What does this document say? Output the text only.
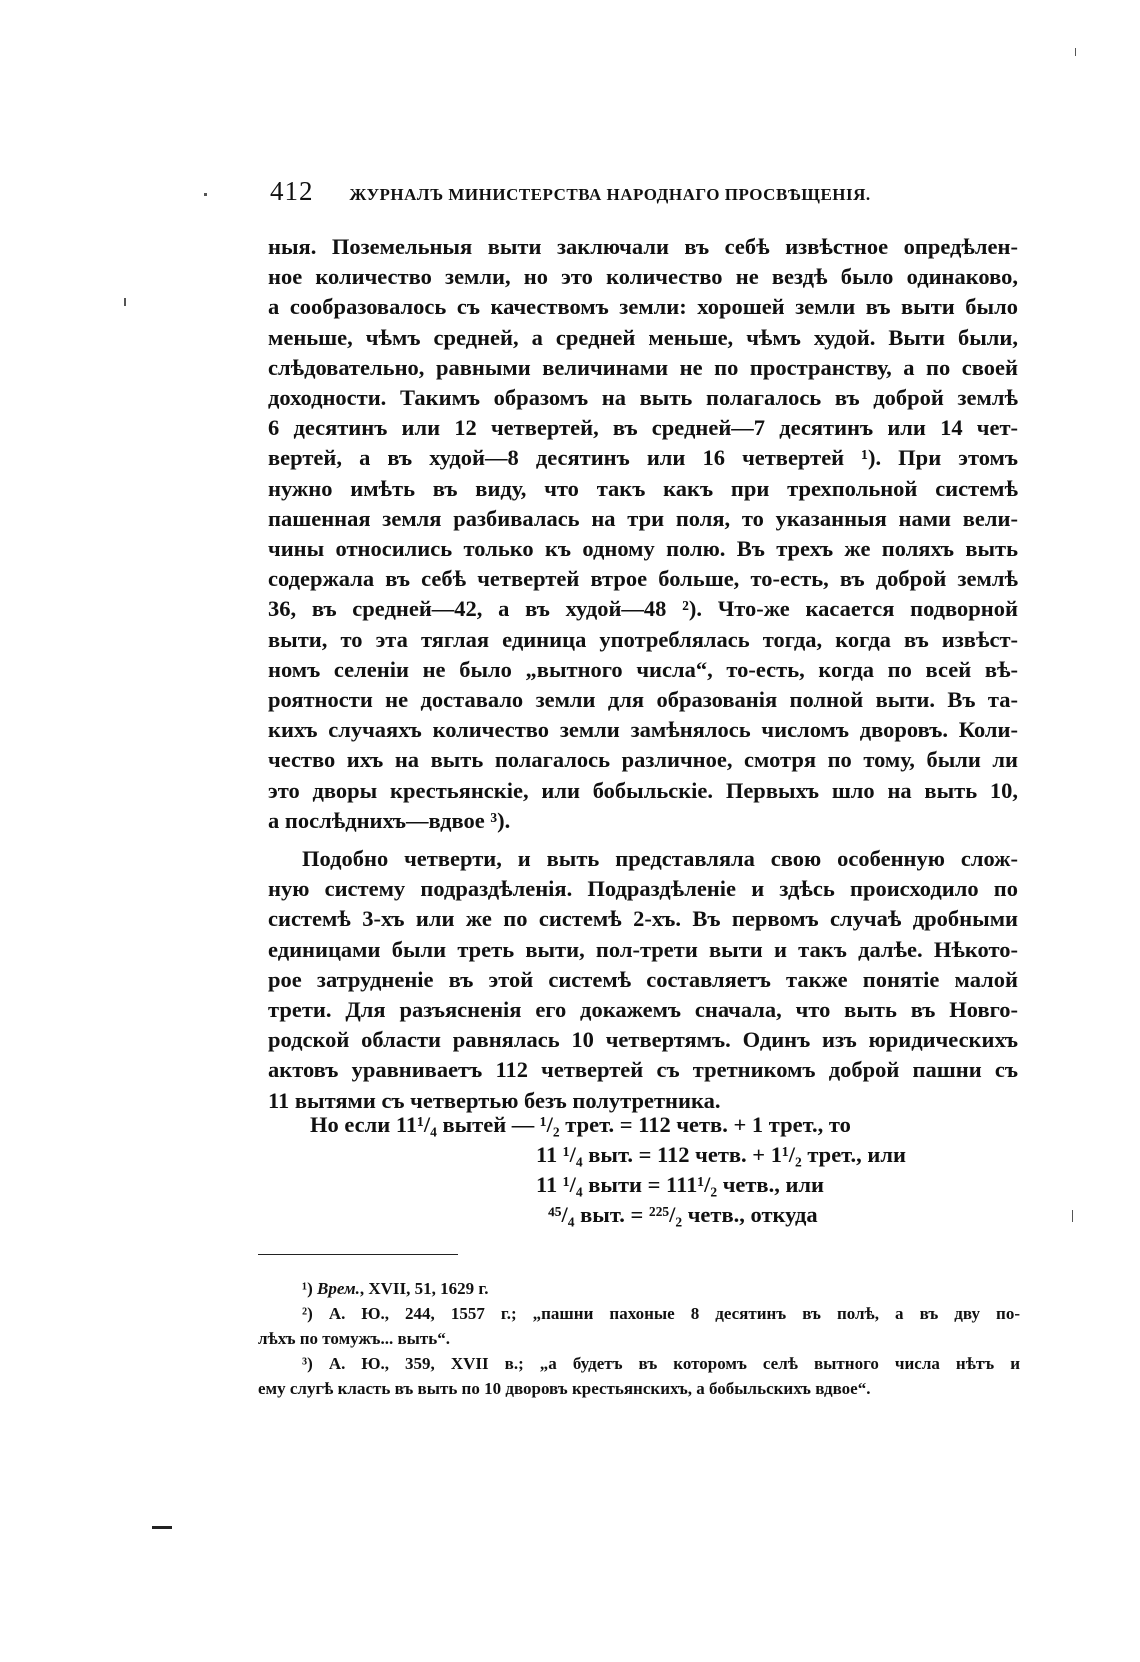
412 ЖУРНАЛЪ МИНИСТЕРСТВА НАРОДНАГО ПРОСВѢЩЕНІЯ.
ныя. Поземельныя выти заключали въ себѣ извѣстное опредѣлен-
ное количество земли, но это количество не вездѣ было одинаково,
а сообразовалось съ качествомъ земли: хорошей земли въ выти было
меньше, чѣмъ средней, а средней меньше, чѣмъ худой. Выти были,
слѣдовательно, равными величинами не по пространству, а по своей
доходности. Такимъ образомъ на выть полагалось въ доброй землѣ
6 десятинъ или 12 четвертей, въ средней—7 десятинъ или 14 чет-
вертей, а въ худой—8 десятинъ или 16 четвертей ¹). При этомъ
нужно имѣть въ виду, что такъ какъ при трехпольной системѣ
пашенная земля разбивалась на три поля, то указанныя нами вели-
чины относились только къ одному полю. Въ трехъ же поляхъ выть
содержала въ себѣ четвертей втрое больше, то-есть, въ доброй землѣ
36, въ средней—42, а въ худой—48 ²). Что-же касается подворной
выти, то эта тяглая единица употреблялась тогда, когда въ извѣст-
номъ селеніи не было „вытного числа“, то-есть, когда по всей вѣ-
роятности не доставало земли для образованія полной выти. Въ та-
кихъ случаяхъ количество земли замѣнялось числомъ дворовъ. Коли-
чество ихъ на выть полагалось различное, смотря по тому, были ли
это дворы крестьянскіе, или бобыльскіе. Первыхъ шло на выть 10,
а послѣднихъ—вдвое ³).
Подобно четверти, и выть представляла свою особенную слож-
ную систему подраздѣленія. Подраздѣленіе и здѣсь происходило по
системѣ 3-хъ или же по системѣ 2-хъ. Въ первомъ случаѣ дробными
единицами были треть выти, пол-трети выти и такъ далѣе. Нѣкото-
рое затрудненіе въ этой системѣ составляетъ также понятіе малой
трети. Для разъясненія его докажемъ сначала, что выть въ Новго-
родской области равнялась 10 четвертямъ. Одинъ изъ юридическихъ
актовъ уравниваетъ 112 четвертей съ третникомъ доброй пашни съ
11 вытями съ четвертью безъ полутретника.
Но если 11¹/₄ вытей — ¹/₂ трет. = 112 четв. + 1 трет., то
11 ¹/₄ выт. = 112 четв. + 1¹/₂ трет., или
11 ¹/₄ выти = 111¹/₂ четв., или
⁴⁵/₄ выт. = ²²⁵/₂ четв., откуда
¹) Врем., XVII, 51, 1629 г.
²) А. Ю., 244, 1557 г.; „пашни пахоные 8 десятинъ въ полѣ, а въ дву по-
лѣхъ по томужъ... выть“.
³) А. Ю., 359, XVII в.; „а будетъ въ которомъ селѣ вытного числа нѣтъ и
ему слугѣ класть въ выть по 10 дворовъ крестьянскихъ, а бобыльскихъ вдвое“.
